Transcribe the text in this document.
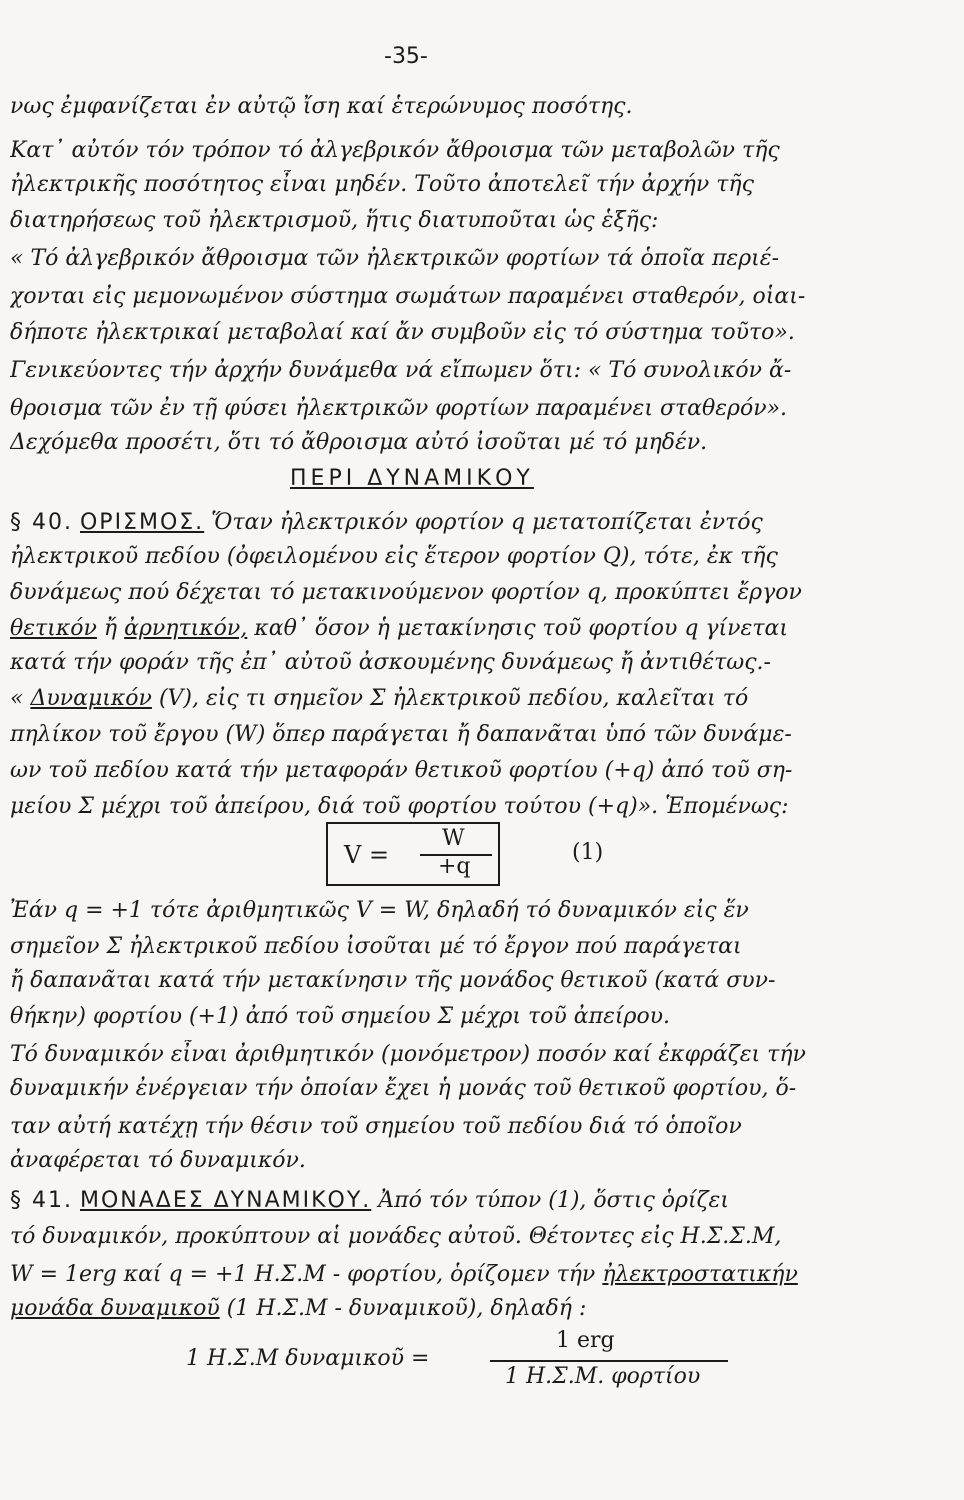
-35-
νως ἐμφανίζεται ἐν αὐτῷ ἴση καί ἑτερώνυμος ποσότης.
Κατ᾽ αὐτόν τόν τρόπον τό ἀλγεβρικόν ἄθροισμα τῶν μεταβολῶν τῆς
ἠλεκτρικῆς ποσότητος εἶναι μηδέν. Τοῦτο ἀποτελεῖ τήν ἀρχήν τῆς
διατηρήσεως τοῦ ἠλεκτρισμοῦ, ἥτις διατυποῦται ὡς ἑξῆς:
« Τό ἀλγεβρικόν ἄθροισμα τῶν ἠλεκτρικῶν φορτίων τά ὁποῖα περιέ-
χονται εἰς μεμονωμένον σύστημα σωμάτων παραμένει σταθερόν, οἱαι-
δήποτε ἠλεκτρικαί μεταβολαί καί ἄν συμβοῦν εἰς τό σύστημα τοῦτο».
Γενικεύοντες τήν ἀρχήν δυνάμεθα νά εἴπωμεν ὅτι: « Τό συνολικόν ἄ-
θροισμα τῶν ἐν τῇ φύσει ἠλεκτρικῶν φορτίων παραμένει σταθερόν».
Δεχόμεθα προσέτι, ὅτι τό ἄθροισμα αὐτό ἰσοῦται μέ τό μηδέν.
ΠΕΡΙ ΔΥΝΑΜΙΚΟΥ
§ 40. ΟΡΙΣΜΟΣ. Ὅταν ἠλεκτρικόν φορτίον q μετατοπίζεται ἐντός
ἠλεκτρικοῦ πεδίου (ὀφειλομένου εἰς ἕτερον φορτίον Q), τότε, ἐκ τῆς
δυνάμεως πού δέχεται τό μετακινούμενον φορτίον q, προκύπτει ἔργον
θετικόν ἤ ἀρνητικόν, καθ᾽ ὅσον ἡ μετακίνησις τοῦ φορτίου q γίνεται
κατά τήν φοράν τῆς ἐπ᾽ αὐτοῦ ἀσκουμένης δυνάμεως ἤ ἀντιθέτως.-
« Δυναμικόν (V), εἰς τι σημεῖον Σ ἠλεκτρικοῦ πεδίου, καλεῖται τό
πηλίκον τοῦ ἔργου (W) ὅπερ παράγεται ἤ δαπανᾶται ὑπό τῶν δυνάμε-
ων τοῦ πεδίου κατά τήν μεταφοράν θετικοῦ φορτίου (+q) ἀπό τοῦ ση-
μείου Σ μέχρι τοῦ ἀπείρου, διά τοῦ φορτίου τούτου (+q)». Ἑπομένως:
V =
W
+q
(1)
Ἐάν q = +1 τότε ἀριθμητικῶς V = W, δηλαδή τό δυναμικόν εἰς ἕν
σημεῖον Σ ἠλεκτρικοῦ πεδίου ἰσοῦται μέ τό ἔργον πού παράγεται
ἤ δαπανᾶται κατά τήν μετακίνησιν τῆς μονάδος θετικοῦ (κατά συν-
θήκην) φορτίου (+1) ἀπό τοῦ σημείου Σ μέχρι τοῦ ἀπείρου.
Τό δυναμικόν εἶναι ἀριθμητικόν (μονόμετρον) ποσόν καί ἐκφράζει τήν
δυναμικήν ἐνέργειαν τήν ὁποίαν ἔχει ἡ μονάς τοῦ θετικοῦ φορτίου, ὅ-
ταν αὐτή κατέχῃ τήν θέσιν τοῦ σημείου τοῦ πεδίου διά τό ὁποῖον
ἀναφέρεται τό δυναμικόν.
§ 41. ΜΟΝΑΔΕΣ ΔΥΝΑΜΙΚΟΥ. Ἀπό τόν τύπον (1), ὅστις ὁρίζει
τό δυναμικόν, προκύπτουν αἱ μονάδες αὐτοῦ. Θέτοντες εἰς Η.Σ.Σ.Μ,
W = 1erg καί q = +1 Η.Σ.Μ - φορτίου, ὁρίζομεν τήν ἠλεκτροστατικήν
μονάδα δυναμικοῦ (1 Η.Σ.Μ - δυναμικοῦ), δηλαδή :
1 Η.Σ.Μ δυναμικοῦ =
1 erg
1 Η.Σ.Μ. φορτίου
